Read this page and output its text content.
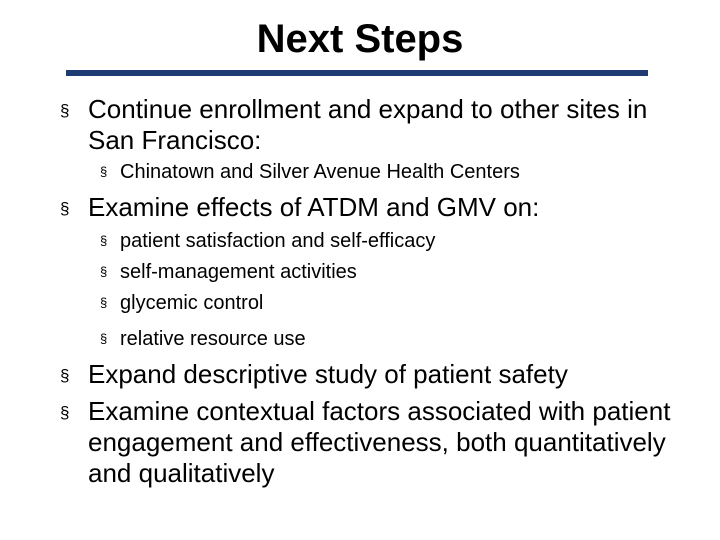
Next Steps
§ Continue enrollment and expand to other sites in San Francisco:
§ Chinatown and Silver Avenue Health Centers
§ Examine effects of ATDM and GMV on:
§ patient satisfaction and self-efficacy
§ self-management activities
§ glycemic control
§ relative resource use
§ Expand descriptive study of patient safety
§ Examine contextual factors associated with patient engagement and effectiveness, both quantitatively and qualitatively
